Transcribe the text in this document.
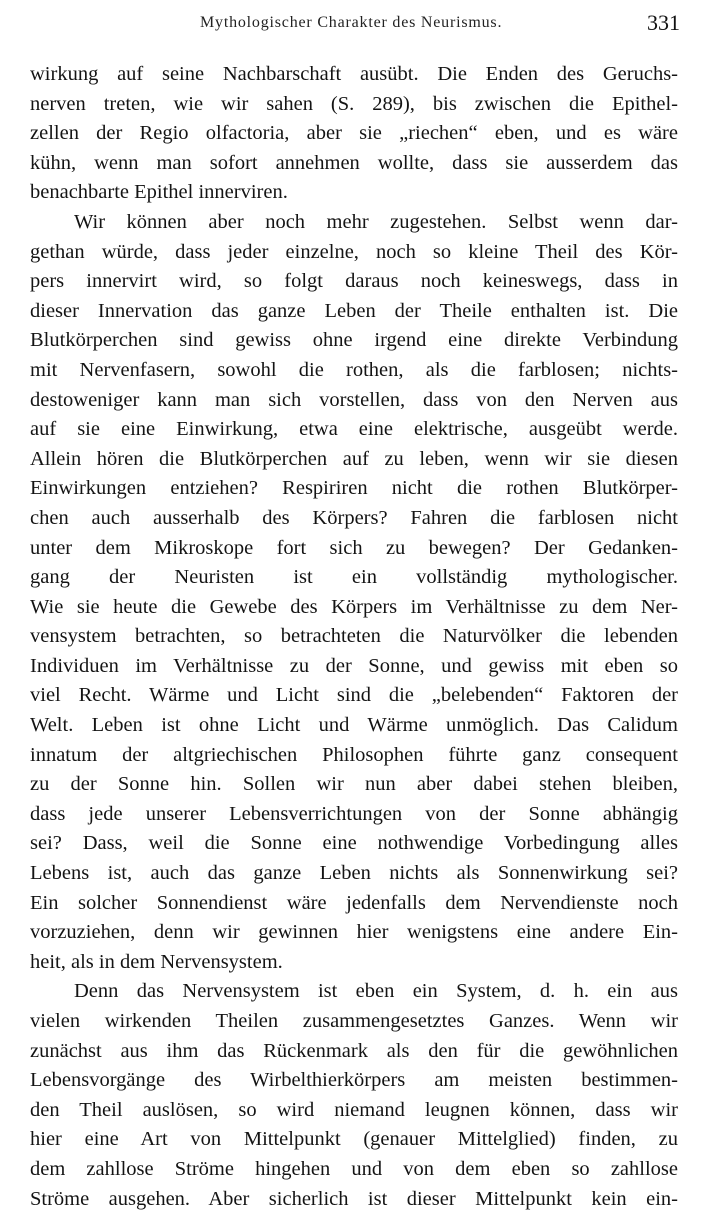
Mythologischer Charakter des Neurismus.	331
wirkung auf seine Nachbarschaft ausübt. Die Enden des Geruchs-
nerven treten, wie wir sahen (S. 289), bis zwischen die Epithel-
zellen der Regio olfactoria, aber sie „riechen“ eben, und es wäre
kühn, wenn man sofort annehmen wollte, dass sie ausserdem das
benachbarte Epithel innerviren.
Wir können aber noch mehr zugestehen. Selbst wenn dar-
gethan würde, dass jeder einzelne, noch so kleine Theil des Kör-
pers innervirt wird, so folgt daraus noch keineswegs, dass in
dieser Innervation das ganze Leben der Theile enthalten ist. Die
Blutkörperchen sind gewiss ohne irgend eine direkte Verbindung
mit Nervenfasern, sowohl die rothen, als die farblosen; nichts-
destoweniger kann man sich vorstellen, dass von den Nerven aus
auf sie eine Einwirkung, etwa eine elektrische, ausgeübt werde.
Allein hören die Blutkörperchen auf zu leben, wenn wir sie diesen
Einwirkungen entziehen? Respiriren nicht die rothen Blutkörper-
chen auch ausserhalb des Körpers? Fahren die farblosen nicht
unter dem Mikroskope fort sich zu bewegen? Der Gedanken-
gang der Neuristen ist ein vollständig mythologischer.
Wie sie heute die Gewebe des Körpers im Verhältnisse zu dem Ner-
vensystem betrachten, so betrachteten die Naturvölker die lebenden
Individuen im Verhältnisse zu der Sonne, und gewiss mit eben so
viel Recht. Wärme und Licht sind die „belebenden“ Faktoren der
Welt. Leben ist ohne Licht und Wärme unmöglich. Das Calidum
innatum der altgriechischen Philosophen führte ganz consequent
zu der Sonne hin. Sollen wir nun aber dabei stehen bleiben,
dass jede unserer Lebensverrichtungen von der Sonne abhängig
sei? Dass, weil die Sonne eine nothwendige Vorbedingung alles
Lebens ist, auch das ganze Leben nichts als Sonnenwirkung sei?
Ein solcher Sonnendienst wäre jedenfalls dem Nervendienste noch
vorzuziehen, denn wir gewinnen hier wenigstens eine andere Ein-
heit, als in dem Nervensystem.
Denn das Nervensystem ist eben ein System, d. h. ein aus
vielen wirkenden Theilen zusammengesetztes Ganzes. Wenn wir
zunächst aus ihm das Rückenmark als den für die gewöhnlichen
Lebensvorgänge des Wirbelthierkörpers am meisten bestimmen-
den Theil auslösen, so wird niemand leugnen können, dass wir
hier eine Art von Mittelpunkt (genauer Mittelglied) finden, zu
dem zahllose Ströme hingehen und von dem eben so zahllose
Ströme ausgehen. Aber sicherlich ist dieser Mittelpunkt kein ein-
